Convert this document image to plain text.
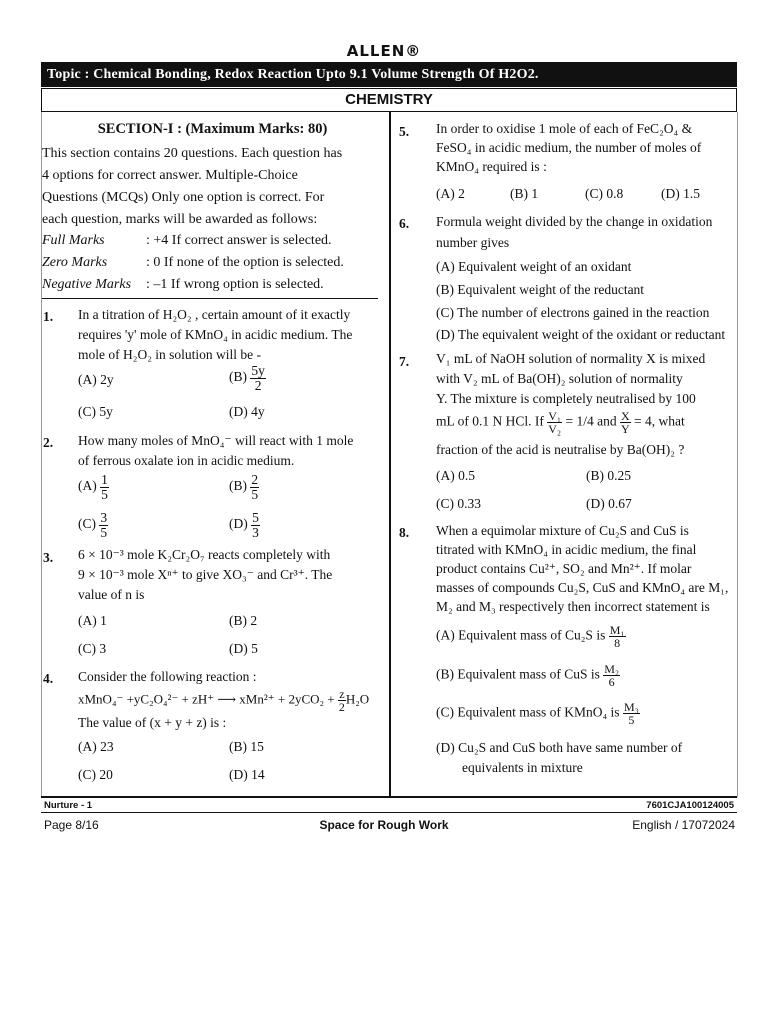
ALLEN®
Topic : Chemical Bonding, Redox Reaction Upto 9.1 Volume Strength Of H2O2.
CHEMISTRY
SECTION-I : (Maximum Marks: 80)
This section contains 20 questions. Each question has
4 options for correct answer. Multiple-Choice
Questions (MCQs) Only one option is correct. For
each question, marks will be awarded as follows:
Full Marks	: +4 If correct answer is selected.
Zero Marks	: 0 If none of the option is selected.
Negative Marks : –1 If wrong option is selected.
1. In a titration of H₂O₂ , certain amount of it exactly
requires 'y' mole of KMnO₄ in acidic medium. The
mole of H₂O₂ in solution will be -
(A) 2y	$(B) \frac{5y}{2}$
(C) 5y	(D) 4y
2. How many moles of MnO₄⁻ will react with 1 mole
of ferrous oxalate ion in acidic medium.
$(A) \frac{1}{5}$	$(B) \frac{2}{5}$
$(C) \frac{3}{5}$	$(D) \frac{5}{3}$
3. 6 × 10⁻³ mole K₂Cr₂O₇ reacts completely with
9 × 10⁻³ mole Xⁿ⁺ to give XO₃⁻ and Cr³⁺. The
value of n is
(A) 1	(B) 2
(C) 3	(D) 5
4. Consider the following reaction :
xMnO₄⁻ +yC₂O₄²⁻ + zH⁺ ⟶ $xMn^{2+} + 2yCO_2 + \frac{z}{2} H_2O$
The value of (x + y + z) is :
(A) 23	(B) 15
(C) 20	(D) 14
5. In order to oxidise 1 mole of each of FeC₂O₄ &
FeSO₄ in acidic medium, the number of moles of
KMnO₄ required is :
(A) 2	(B) 1	(C) 0.8	(D) 1.5
6. Formula weight divided by the change in oxidation
number gives
(A) Equivalent weight of an oxidant
(B) Equivalent weight of the reductant
(C) The number of electrons gained in the reaction
(D) The equivalent weight of the oxidant or reductant
7. V₁ mL of NaOH solution of normality X is mixed
with V₂ mL of Ba(OH)₂ solution of normality
Y. The mixture is completely neutralised by 100
mL of 0.1 N HCl. If $\frac{\text{V₁}}{\text{V₂}} = 1/4$ and $\frac{X}{Y} = 4$, what
fraction of the acid is neutralise by Ba(OH)₂ ?
(A) 0.5	(B) 0.25
(C) 0.33	(D) 0.67
8. When a equimolar mixture of Cu₂S and CuS is
titrated with KMnO₄ in acidic medium, the final
product contains Cu²⁺, SO₂ and Mn²⁺. If molar
masses of compounds Cu₂S, CuS and KMnO₄ are M₁,
M₂ and M₃ respectively then incorrect statement is
(A) Equivalent mass of Cu₂S is $\frac{\text{M₁}}{8}$
(B) Equivalent mass of CuS is $\frac{\text{M₂}}{6}$
(C) Equivalent mass of KMnO₄ is $\frac{\text{M₃}}{5}$
(D) Cu₂S and CuS both have same number of
equivalents in mixture
Nurture - 1	7601CJA100124005
Page 8/16	Space for Rough Work	English / 17072024
